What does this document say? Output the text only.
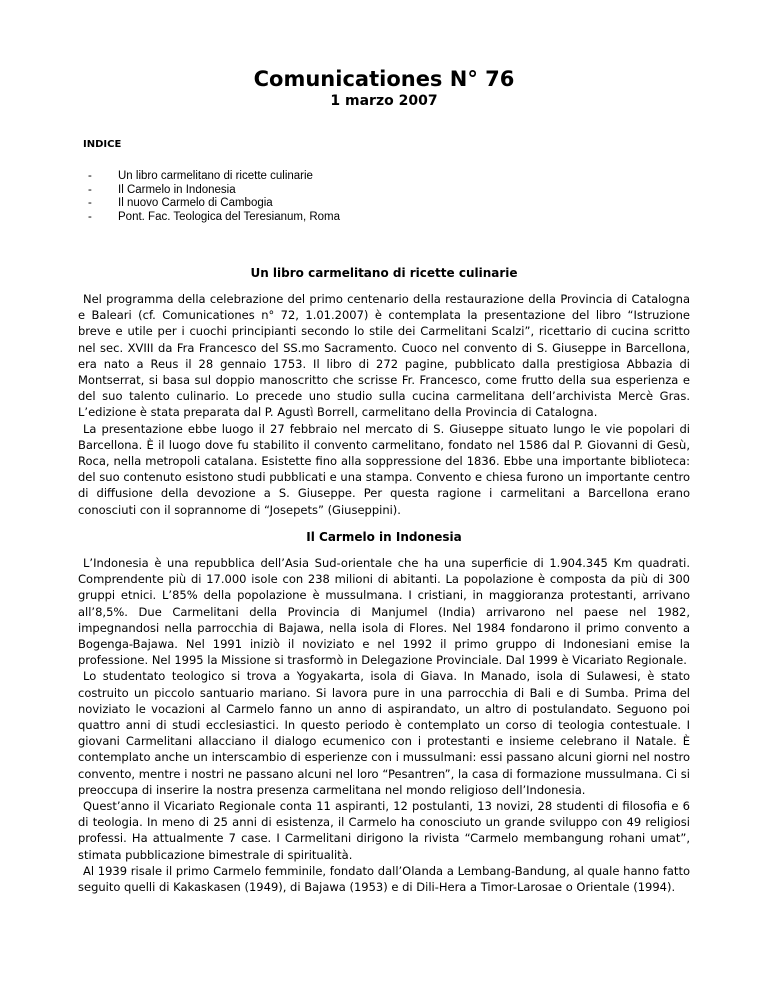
Comunicationes N° 76
1 marzo 2007
INDICE
- Un libro carmelitano di ricette culinarie
- Il Carmelo in Indonesia
- Il nuovo Carmelo di Cambogia
- Pont. Fac. Teologica del Teresianum, Roma
Un libro carmelitano di ricette culinarie

Nel programma della celebrazione del primo centenario della restaurazione della Provincia di Catalogna e Baleari (cf. Comunicationes n° 72, 1.01.2007) è contemplata la presentazione del libro “Istruzione breve e utile per i cuochi principianti secondo lo stile dei Carmelitani Scalzi”, ricettario di cucina scritto nel sec. XVIII da Fra Francesco del SS.mo Sacramento. Cuoco nel convento di S. Giuseppe in Barcellona, era nato a Reus il 28 gennaio 1753. Il libro di 272 pagine, pubblicato dalla prestigiosa Abbazia di Montserrat, si basa sul doppio manoscritto che scrisse Fr. Francesco, come frutto della sua esperienza e del suo talento culinario. Lo precede uno studio sulla cucina carmelitana dell’archivista Mercè Gras. L’edizione è stata preparata dal P. Agustì Borrell, carmelitano della Provincia di Catalogna.

La presentazione ebbe luogo il 27 febbraio nel mercato di S. Giuseppe situato lungo le vie popolari di Barcellona. È il luogo dove fu stabilito il convento carmelitano, fondato nel 1586 dal P. Giovanni di Gesù, Roca, nella metropoli catalana. Esistette fino alla soppressione del 1836. Ebbe una importante biblioteca: del suo contenuto esistono studi pubblicati e una stampa. Convento e chiesa furono un importante centro di diffusione della devozione a S. Giuseppe. Per questa ragione i carmelitani a Barcellona erano conosciuti con il soprannome di “Josepets” (Giuseppini).

Il Carmelo in Indonesia

L’Indonesia è una repubblica dell’Asia Sud-orientale che ha una superficie di 1.904.345 Km quadrati. Comprendente più di 17.000 isole con 238 milioni di abitanti. La popolazione è composta da più di 300 gruppi etnici. L’85% della popolazione è mussulmana. I cristiani, in maggioranza protestanti, arrivano all’8,5%. Due Carmelitani della Provincia di Manjumel (India) arrivarono nel paese nel 1982, impegnandosi nella parrocchia di Bajawa, nella isola di Flores. Nel 1984 fondarono il primo convento a Bogenga-Bajawa. Nel 1991 iniziò il noviziato e nel 1992 il primo gruppo di Indonesiani emise la professione. Nel 1995 la Missione si trasformò in Delegazione Provinciale. Dal 1999 è Vicariato Regionale.

Lo studentato teologico si trova a Yogyakarta, isola di Giava. In Manado, isola di Sulawesi, è stato costruito un piccolo santuario mariano. Si lavora pure in una parrocchia di Bali e di Sumba. Prima del noviziato le vocazioni al Carmelo fanno un anno di aspirandato, un altro di postulandato. Seguono poi quattro anni di studi ecclesiastici. In questo periodo è contemplato un corso di teologia contestuale. I giovani Carmelitani allacciano il dialogo ecumenico con i protestanti e insieme celebrano il Natale. È contemplato anche un interscambio di esperienze con i mussulmani: essi passano alcuni giorni nel nostro convento, mentre i nostri ne passano alcuni nel loro “Pesantren”, la casa di formazione mussulmana. Ci si preoccupa di inserire la nostra presenza carmelitana nel mondo religioso dell’Indonesia.

Quest’anno il Vicariato Regionale conta 11 aspiranti, 12 postulanti, 13 novizi, 28 studenti di filosofia e 6 di teologia. In meno di 25 anni di esistenza, il Carmelo ha conosciuto un grande sviluppo con 49 religiosi professi. Ha attualmente 7 case. I Carmelitani dirigono la rivista “Carmelo membangung rohani umat”, stimata pubblicazione bimestrale di spiritualità.

Al 1939 risale il primo Carmelo femminile, fondato dall’Olanda a Lembang-Bandung, al quale hanno fatto seguito quelli di Kakaskasen (1949), di Bajawa (1953) e di Dili-Hera a Timor-Larosae o Orientale (1994).
